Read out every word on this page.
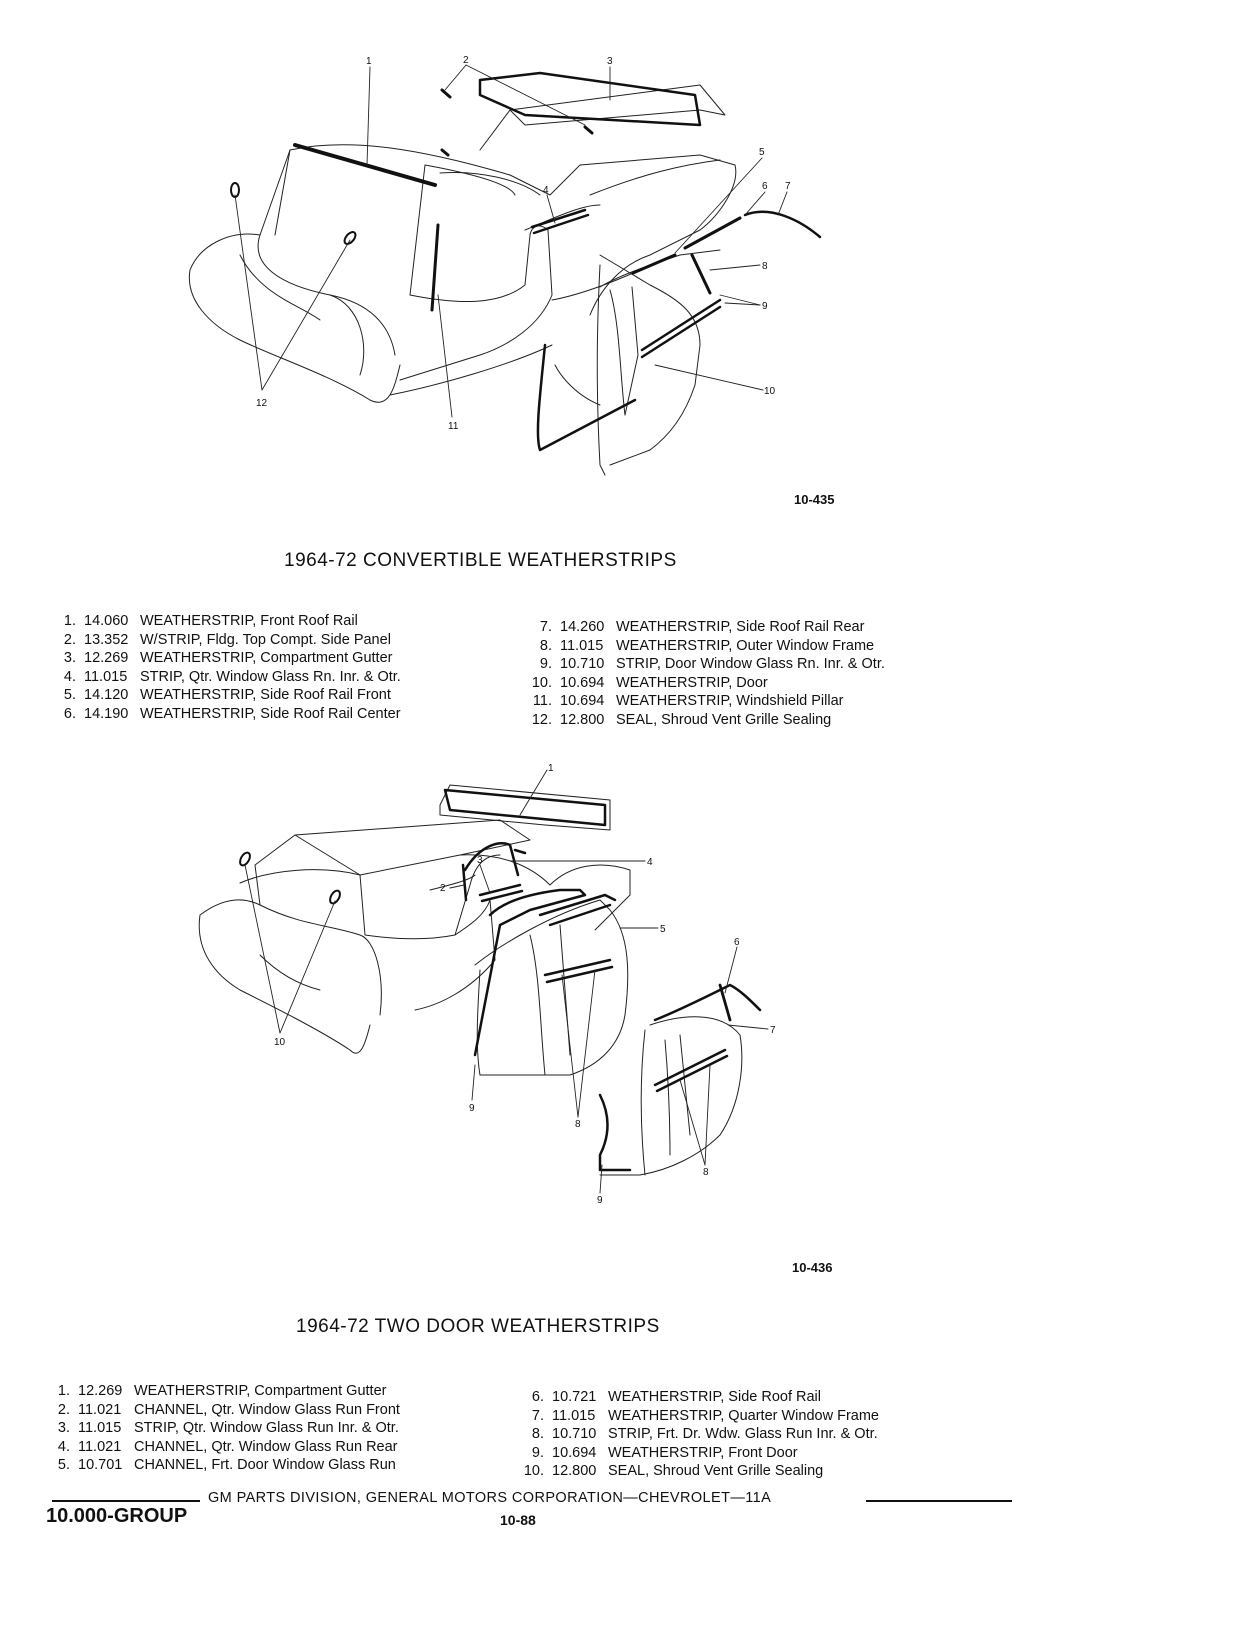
1	2	3
4
5
6 7
8
9
10
11
12
10-435
1964-72 CONVERTIBLE WEATHERSTRIPS
1. 14.060 WEATHERSTRIP, Front Roof Rail
2. 13.352 W/STRIP, Fldg. Top Compt. Side Panel
3. 12.269 WEATHERSTRIP, Compartment Gutter
4. 11.015 STRIP, Qtr. Window Glass Rn. Inr. & Otr.
5. 14.120 WEATHERSTRIP, Side Roof Rail Front
6. 14.190 WEATHERSTRIP, Side Roof Rail Center
7. 14.260 WEATHERSTRIP, Side Roof Rail Rear
8. 11.015 WEATHERSTRIP, Outer Window Frame
9. 10.710 STRIP, Door Window Glass Rn. Inr. & Otr.
10. 10.694 WEATHERSTRIP, Door
11. 10.694 WEATHERSTRIP, Windshield Pillar
12. 12.800 SEAL, Shroud Vent Grille Sealing
1
2
3	4
5
6
7
8
8
9
9
10
10-436
1964-72 TWO DOOR WEATHERSTRIPS
1. 12.269 WEATHERSTRIP, Compartment Gutter
2. 11.021 CHANNEL, Qtr. Window Glass Run Front
3. 11.015 STRIP, Qtr. Window Glass Run Inr. & Otr.
4. 11.021 CHANNEL, Qtr. Window Glass Run Rear
5. 10.701 CHANNEL, Frt. Door Window Glass Run
6. 10.721 WEATHERSTRIP, Side Roof Rail
7. 11.015 WEATHERSTRIP, Quarter Window Frame
8. 10.710 STRIP, Frt. Dr. Wdw. Glass Run Inr. & Otr.
9. 10.694 WEATHERSTRIP, Front Door
10. 12.800 SEAL, Shroud Vent Grille Sealing
GM PARTS DIVISION, GENERAL MOTORS CORPORATION—CHEVROLET—11A
10.000-GROUP	10-88
